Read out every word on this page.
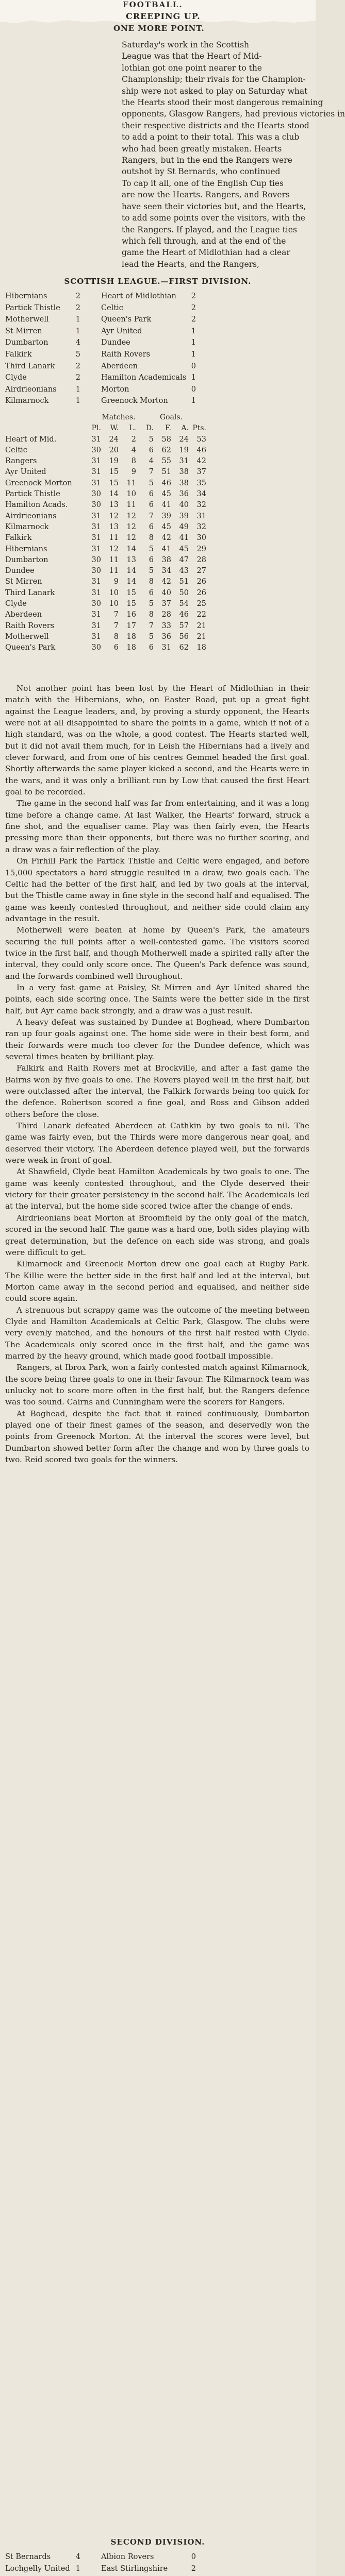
FOOTBALL.
CREEPING UP.
ONE MORE POINT.
Saturday's work in the Scottish
League was that the Heart of Mid-
lothian got one point nearer to the
Championship; their rivals for the Champion-
ship were not asked to play on Saturday what
the Hearts stood their most dangerous remaining
opponents, Glasgow Rangers, had previous victories in
their respective districts and the Hearts stood
to add a point to their total. This was a club
who had been greatly mistaken. Hearts
Rangers, but in the end the Rangers were
outshot by St Bernards, who continued
To cap it all, one of the English Cup ties
are now the Hearts. Rangers, and Rovers
have seen their victories but, and the Hearts,
to add some points over the visitors, with the
the Rangers. If played, and the League ties
which fell through, and at the end of the
game the Heart of Midlothian had a clear
lead the Hearts, and the Rangers,
SCOTTISH LEAGUE.—FIRST DIVISION.
Hibernians	2	Heart of Midlothian	2
Partick Thistle	2	Celtic	2
Motherwell	1	Queen's Park	2
St Mirren	1	Ayr United	1
Dumbarton	4	Dundee	1
Falkirk	5	Raith Rovers	1
Third Lanark	2	Aberdeen	0
Clyde	2	Hamilton Academicals 1
Airdrieonians	1	Morton	0
Kilmarnock	1	Greenock Morton	1
Matches.	Goals.
Pl.	W.	L.	D.	F.	A. Pts.
Heart of Mid.	31	24	2	5	58	24	53
Celtic	30	20	4	6	62	19	46
Rangers	31	19	8	4	55	31	42
Ayr United	31	15	9	7	51	38	37
Greenock Morton	31	15	11	5	46	38	35
Partick Thistle	30	14	10	6	45	36	34
Hamilton Acads.	30	13	11	6	41	40	32
Airdrieonians	31	12	12	7	39	39	31
Kilmarnock	31	13	12	6	45	49	32
Falkirk	31	11	12	8	42	41	30
Hibernians	31	12	14	5	41	45	29
Dumbarton	30	11	13	6	38	47	28
Dundee	30	11	14	5	34	43	27
St Mirren	31	9	14	8	42	51	26
Third Lanark	31	10	15	6	40	50	26
Clyde	30	10	15	5	37	54	25
Aberdeen	31	7	16	8	28	46	22
Raith Rovers	31	7	17	7	33	57	21
Motherwell	31	8	18	5	36	56	21
Queen's Park	30	6	18	6	31	62	18

Not another point has been lost by the Heart of Midlothian in their match with the Hibernians, who, on Easter Road, put up a great fight against the League leaders, and, by proving a sturdy opponent, the Hearts were not at all disappointed to share the points in a game, which if not of a high standard, was on the whole, a good contest. The Hearts started well, but it did not avail them much, for in Leish the Hibernians had a lively and clever forward, and from one of his centres Gemmel headed the first goal. Shortly afterwards the same player kicked a second, and the Hearts were in the wars, and it was only a brilliant run by Low that caused the first Heart goal to be recorded.

The game in the second half was far from entertaining, and it was a long time before a change came. At last Walker, the Hearts' forward, struck a fine shot, and the equaliser came. Play was then fairly even, the Hearts pressing more than their opponents, but there was no further scoring, and a draw was a fair reflection of the play.

On Firhill Park the Partick Thistle and Celtic were engaged, and before 15,000 spectators a hard struggle resulted in a draw, two goals each. The Celtic had the better of the first half, and led by two goals at the interval, but the Thistle came away in fine style in the second half and equalised. The game was keenly contested throughout, and neither side could claim any advantage in the result.

Motherwell were beaten at home by Queen's Park, the amateurs securing the full points after a well-contested game. The visitors scored twice in the first half, and though Motherwell made a spirited rally after the interval, they could only score once. The Queen's Park defence was sound, and the forwards combined well throughout.

In a very fast game at Paisley, St Mirren and Ayr United shared the points, each side scoring once. The Saints were the better side in the first half, but Ayr came back strongly, and a draw was a just result.

A heavy defeat was sustained by Dundee at Boghead, where Dumbarton ran up four goals against one. The home side were in their best form, and their forwards were much too clever for the Dundee defence, which was several times beaten by brilliant play.

Falkirk and Raith Rovers met at Brockville, and after a fast game the Bairns won by five goals to one. The Rovers played well in the first half, but were outclassed after the interval, the Falkirk forwards being too quick for the defence. Robertson scored a fine goal, and Ross and Gibson added others before the close.

Third Lanark defeated Aberdeen at Cathkin by two goals to nil. The game was fairly even, but the Thirds were more dangerous near goal, and deserved their victory. The Aberdeen defence played well, but the forwards were weak in front of goal.

At Shawfield, Clyde beat Hamilton Academicals by two goals to one. The game was keenly contested throughout, and the Clyde deserved their victory for their greater persistency in the second half. The Academicals led at the interval, but the home side scored twice after the change of ends.

Airdrieonians beat Morton at Broomfield by the only goal of the match, scored in the second half. The game was a hard one, both sides playing with great determination, but the defence on each side was strong, and goals were difficult to get.

Kilmarnock and Greenock Morton drew one goal each at Rugby Park. The Killie were the better side in the first half and led at the interval, but Morton came away in the second period and equalised, and neither side could score again.

A strenuous but scrappy game was the outcome of the meeting between Clyde and Hamilton Academicals at Celtic Park, Glasgow. The clubs were very evenly matched, and the honours of the first half rested with Clyde. The Academicals only scored once in the first half, and the game was marred by the heavy ground, which made good football impossible.

Rangers, at Ibrox Park, won a fairly contested match against Kilmarnock, the score being three goals to one in their favour. The Kilmarnock team was unlucky not to score more often in the first half, but the Rangers defence was too sound. Cairns and Cunningham were the scorers for Rangers.

At Boghead, despite the fact that it rained continuously, Dumbarton played one of their finest games of the season, and deservedly won the points from Greenock Morton. At the interval the scores were level, but Dumbarton showed better form after the change and won by three goals to two. Reid scored two goals for the winners.

SECOND DIVISION.
St Bernards	4	Albion Rovers	0
Lochgelly United 1	East Stirlingshire	2
